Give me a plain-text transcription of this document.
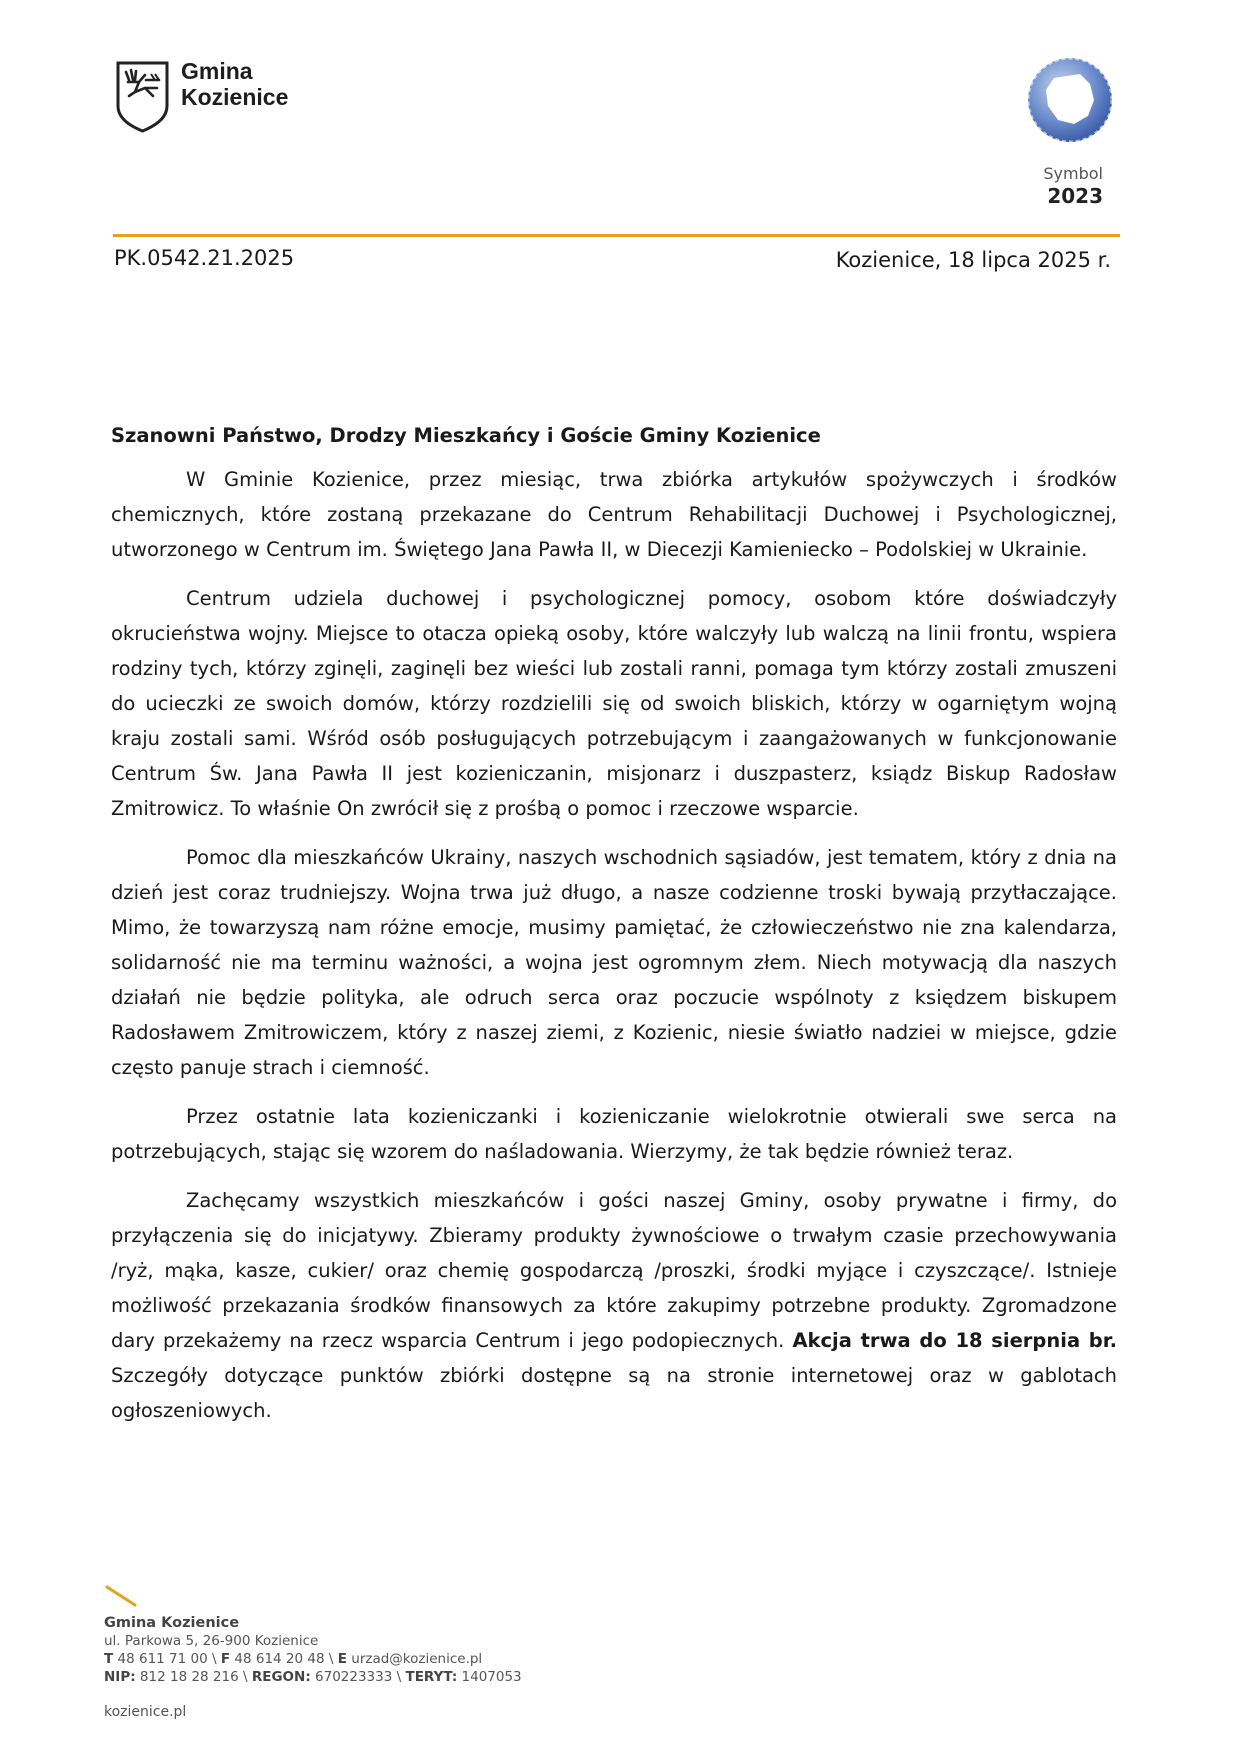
Gmina
Kozienice
Symbol
2023
PK.0542.21.2025	Kozienice, 18 lipca 2025 r.
Szanowni Państwo, Drodzy Mieszkańcy i Goście Gminy Kozienice

W Gminie Kozienice, przez miesiąc, trwa zbiórka artykułów spożywczych i środków chemicznych, które zostaną przekazane do Centrum Rehabilitacji Duchowej i Psychologicznej, utworzonego w Centrum im. Świętego Jana Pawła II, w Diecezji Kamieniecko – Podolskiej w Ukrainie.

Centrum udziela duchowej i psychologicznej pomocy, osobom które doświadczyły okrucieństwa wojny. Miejsce to otacza opieką osoby, które walczyły lub walczą na linii frontu, wspiera rodziny tych, którzy zginęli, zaginęli bez wieści lub zostali ranni, pomaga tym którzy zostali zmuszeni do ucieczki ze swoich domów, którzy rozdzielili się od swoich bliskich, którzy w ogarniętym wojną kraju zostali sami. Wśród osób posługujących potrzebującym i zaangażowanych w funkcjonowanie Centrum Św. Jana Pawła II jest kozieniczanin, misjonarz i duszpasterz, ksiądz Biskup Radosław Zmitrowicz. To właśnie On zwrócił się z prośbą o pomoc i rzeczowe wsparcie.

Pomoc dla mieszkańców Ukrainy, naszych wschodnich sąsiadów, jest tematem, który z dnia na dzień jest coraz trudniejszy. Wojna trwa już długo, a nasze codzienne troski bywają przytłaczające. Mimo, że towarzyszą nam różne emocje, musimy pamiętać, że człowieczeństwo nie zna kalendarza, solidarność nie ma terminu ważności, a wojna jest ogromnym złem. Niech motywacją dla naszych działań nie będzie polityka, ale odruch serca oraz poczucie wspólnoty z księdzem biskupem Radosławem Zmitrowiczem, który z naszej ziemi, z Kozienic, niesie światło nadziei w miejsce, gdzie często panuje strach i ciemność.

Przez ostatnie lata kozieniczanki i kozieniczanie wielokrotnie otwierali swe serca na potrzebujących, stając się wzorem do naśladowania. Wierzymy, że tak będzie również teraz.

Zachęcamy wszystkich mieszkańców i gości naszej Gminy, osoby prywatne i firmy, do przyłączenia się do inicjatywy. Zbieramy produkty żywnościowe o trwałym czasie przechowywania /ryż, mąka, kasze, cukier/ oraz chemię gospodarczą /proszki, środki myjące i czyszczące/. Istnieje możliwość przekazania środków finansowych za które zakupimy potrzebne produkty. Zgromadzone dary przekażemy na rzecz wsparcia Centrum i jego podopiecznych. Akcja trwa do 18 sierpnia br. Szczegóły dotyczące punktów zbiórki dostępne są na stronie internetowej oraz w gablotach ogłoszeniowych.

Gmina Kozienice
ul. Parkowa 5, 26-900 Kozienice
T 48 611 71 00 \ F 48 614 20 48 \ E urzad@kozienice.pl
NIP: 812 18 28 216 \ REGON: 670223333 \ TERYT: 1407053
kozienice.pl
